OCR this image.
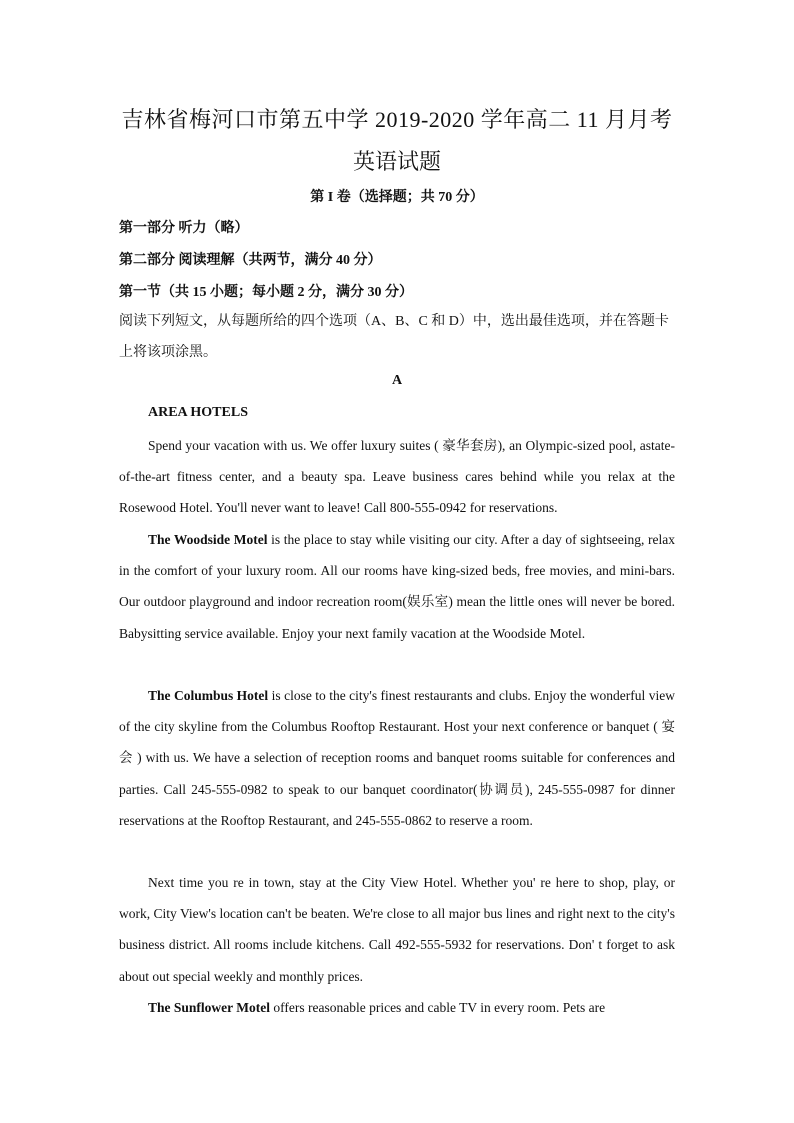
吉林省梅河口市第五中学 2019-2020 学年高二 11 月月考
英语试题
第 I 卷（选择题；共 70 分）
第一部分 听力（略）
第二部分 阅读理解（共两节，满分 40 分）
第一节（共 15 小题；每小题 2 分，满分 30 分）
阅读下列短文，从每题所给的四个选项（A、B、C 和 D）中，选出最佳选项，并在答题卡上将该项涂黑。
A
AREA HOTELS
Spend your vacation with us. We offer luxury suites ( 豪华套房), an Olympic-sized pool, astate-of-the-art fitness center, and a beauty spa. Leave business cares behind while you relax at the Rosewood Hotel. You'll never want to leave! Call 800-555-0942 for reservations.
The Woodside Motel is the place to stay while visiting our city. After a day of sightseeing, relax in the comfort of your luxury room. All our rooms have king-sized beds, free movies, and mini-bars. Our outdoor playground and indoor recreation room(娱乐室) mean the little ones will never be bored. Babysitting service available. Enjoy your next family vacation at the Woodside Motel.
The Columbus Hotel is close to the city's finest restaurants and clubs. Enjoy the wonderful view of the city skyline from the Columbus Rooftop Restaurant. Host your next conference or banquet ( 宴 会 ) with us. We have a selection of reception rooms and banquet rooms suitable for conferences and parties. Call 245-555-0982 to speak to our banquet coordinator(协调员), 245-555-0987 for dinner reservations at the Rooftop Restaurant, and 245-555-0862 to reserve a room.
Next time you re in town, stay at the City View Hotel. Whether you' re here to shop, play, or work, City View's location can't be beaten. We're close to all major bus lines and right next to the city's business district. All rooms include kitchens. Call 492-555-5932 for reservations. Don' t forget to ask about out special weekly and monthly prices.
The Sunflower Motel offers reasonable prices and cable TV in every room. Pets are
